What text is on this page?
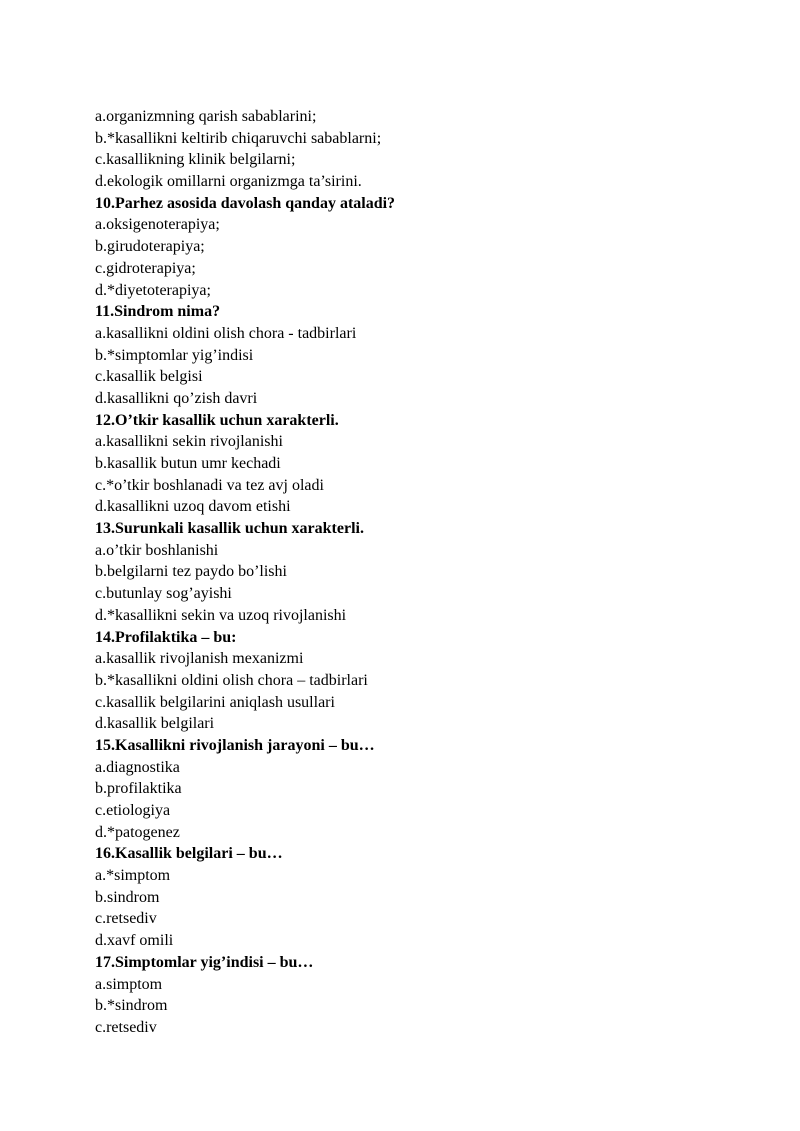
a.organizmning qarish sabablarini;
b.*kasallikni keltirib chiqaruvchi sabablarni;
c.kasallikning klinik belgilarni;
d.ekologik omillarni organizmga ta’sirini.
10.Parhez asosida davolash qanday ataladi?
a.oksigenoterapiya;
b.girudoterapiya;
c.gidroterapiya;
d.*diyetoterapiya;
11.Sindrom nima?
a.kasallikni oldini olish chora - tadbirlari
b.*simptomlar yig’indisi
c.kasallik belgisi
d.kasallikni qo’zish davri
12.O’tkir kasallik uchun xarakterli.
a.kasallikni sekin rivojlanishi
b.kasallik butun umr kechadi
c.*o’tkir boshlanadi va tez avj oladi
d.kasallikni uzoq davom etishi
13.Surunkali kasallik uchun xarakterli.
a.o’tkir boshlanishi
b.belgilarni tez paydo bo’lishi
c.butunlay sog’ayishi
d.*kasallikni sekin va uzoq rivojlanishi
14.Profilaktika – bu:
a.kasallik rivojlanish mexanizmi
b.*kasallikni oldini olish chora – tadbirlari
c.kasallik belgilarini aniqlash usullari
d.kasallik belgilari
15.Kasallikni rivojlanish jarayoni – bu…
a.diagnostika
b.profilaktika
c.etiologiya
d.*patogenez
16.Kasallik belgilari – bu…
a.*simptom
b.sindrom
c.retsediv
d.xavf omili
17.Simptomlar yig’indisi – bu…
a.simptom
b.*sindrom
c.retsediv
